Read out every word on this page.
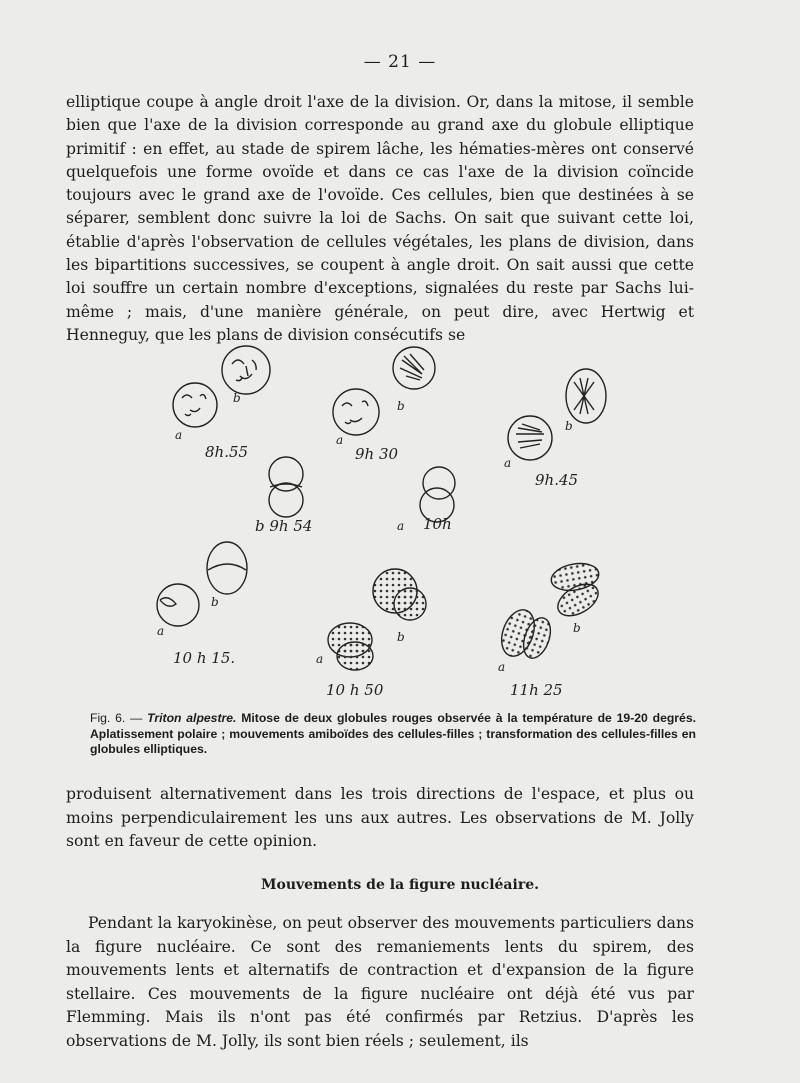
— 21 —

elliptique coupe à angle droit l'axe de la division. Or, dans la mitose, il semble bien que l'axe de la division corresponde au grand axe du globule elliptique primitif : en effet, au stade de spirem lâche, les hématies-mères ont conservé quelquefois une forme ovoïde et dans ce cas l'axe de la division coïncide toujours avec le grand axe de l'ovoïde. Ces cellules, bien que destinées à se séparer, semblent donc suivre la loi de Sachs. On sait que suivant cette loi, établie d'après l'observation de cellules végétales, les plans de division, dans les bipartitions successives, se coupent à angle droit. On sait aussi que cette loi souffre un certain nombre d'exceptions, signalées du reste par Sachs lui-même ; mais, d'une manière générale, on peut dire, avec Hertwig et Henneguy, que les plans de division consécutifs se

a
b
8h.55
a
b
9h 30	a
b
9h.45
b 9h 54	a 10h
a
b
10 h 15.	a
b
10 h 50
a
b
11h 25

Fig. 6. — Triton alpestre. Mitose de deux globules rouges observée à la température de 19-20 degrés. Aplatissement polaire ; mouvements amiboïdes des cellules-filles ; transformation des cellules-filles en globules elliptiques.

produisent alternativement dans les trois directions de l'espace, et plus ou moins perpendiculairement les uns aux autres. Les observations de M. Jolly sont en faveur de cette opinion.

Mouvements de la figure nucléaire.

Pendant la karyokinèse, on peut observer des mouvements particuliers dans la figure nucléaire. Ce sont des remaniements lents du spirem, des mouvements lents et alternatifs de contraction et d'expansion de la figure stellaire. Ces mouvements de la figure nucléaire ont déjà été vus par Flemming. Mais ils n'ont pas été confirmés par Retzius. D'après les observations de M. Jolly, ils sont bien réels ; seulement, ils
